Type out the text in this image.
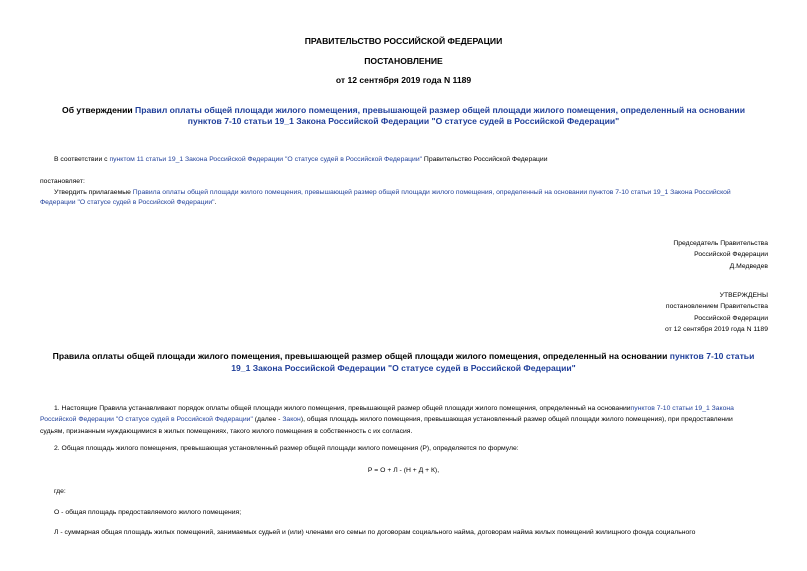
ПРАВИТЕЛЬСТВО РОССИЙСКОЙ ФЕДЕРАЦИИ
ПОСТАНОВЛЕНИЕ
от 12 сентября 2019 года N 1189
Об утверждении Правил оплаты общей площади жилого помещения, превышающей размер общей площади жилого помещения, определенный на основании
пунктов 7-10 статьи 19_1 Закона Российской Федерации "О статусе судей в Российской Федерации"
В соответствии с пунктом 11 статьи 19_1 Закона Российской Федерации "О статусе судей в Российской Федерации" Правительство Российской Федерации
постановляет:
Утвердить прилагаемые Правила оплаты общей площади жилого помещения, превышающей размер общей площади жилого помещения, определенный на основании пунктов 7-10 статьи 19_1 Закона Российской
Федерации "О статусе судей в Российской Федерации".
Председатель Правительства
Российской Федерации
Д.Медведев
УТВЕРЖДЕНЫ
постановлением Правительства
Российской Федерации
от 12 сентября 2019 года N 1189
Правила оплаты общей площади жилого помещения, превышающей размер общей площади жилого помещения, определенный на основании пунктов 7-10 статьи
19_1 Закона Российской Федерации "О статусе судей в Российской Федерации"
1. Настоящие Правила устанавливают порядок оплаты общей площади жилого помещения, превышающей размер общей площади жилого помещения, определенный на основаниипунктов 7-10 статьи 19_1 Закона
Российской Федерации "О статусе судей в Российской Федерации" (далее - Закон), общая площадь жилого помещения, превышающая установленный размер общей площади жилого помещения), при предоставлении
судьям, признанным нуждающимися в жилых помещениях, такого жилого помещения в собственность с их согласия.
2. Общая площадь жилого помещения, превышающая установленный размер общей площади жилого помещения (Р), определяется по формуле:
Р = О + Л - (Н + Д + К),
где:
О - общая площадь предоставляемого жилого помещения;
Л - суммарная общая площадь жилых помещений, занимаемых судьей и (или) членами его семьи по договорам социального найма, договорам найма жилых помещений жилищного фонда социального
